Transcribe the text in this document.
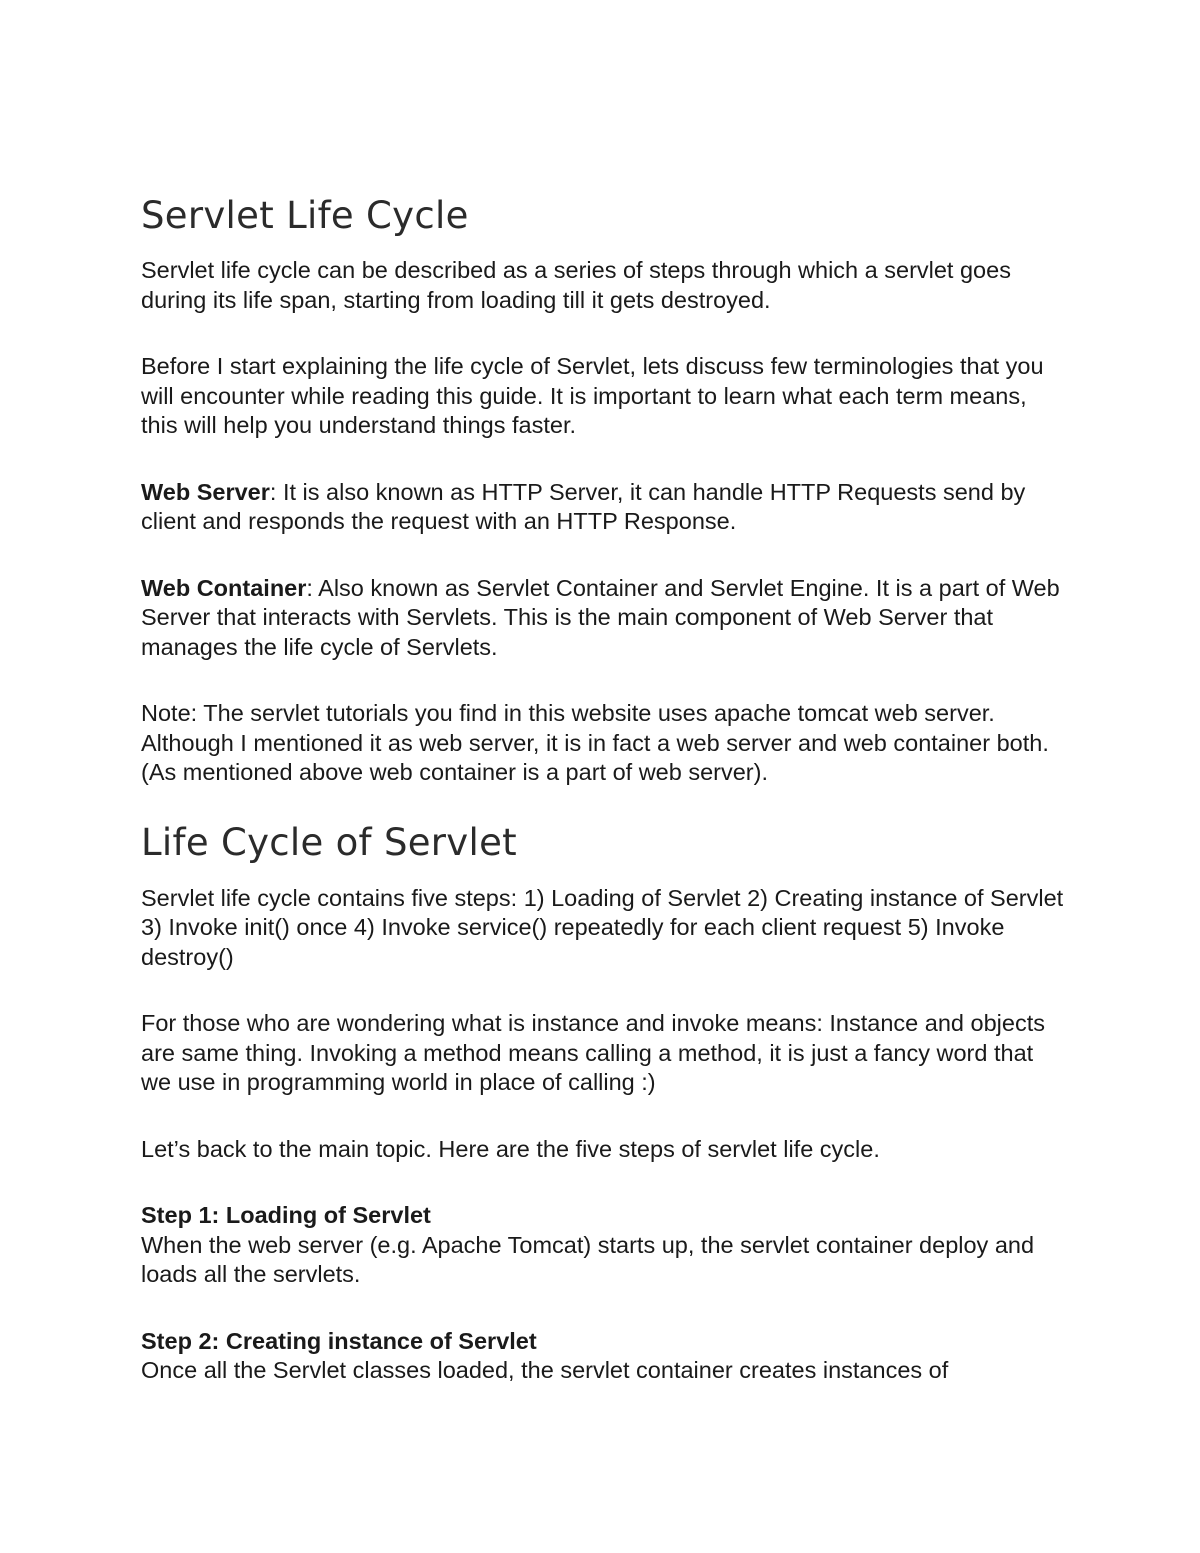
Servlet Life Cycle

Servlet life cycle can be described as a series of steps through which a servlet goes during its life span, starting from loading till it gets destroyed.

Before I start explaining the life cycle of Servlet, lets discuss few terminologies that you will encounter while reading this guide. It is important to learn what each term means, this will help you understand things faster.

Web Server: It is also known as HTTP Server, it can handle HTTP Requests send by client and responds the request with an HTTP Response.

Web Container: Also known as Servlet Container and Servlet Engine. It is a part of Web Server that interacts with Servlets. This is the main component of Web Server that manages the life cycle of Servlets.

Note: The servlet tutorials you find in this website uses apache tomcat web server. Although I mentioned it as web server, it is in fact a web server and web container both. (As mentioned above web container is a part of web server).

Life Cycle of Servlet

Servlet life cycle contains five steps: 1) Loading of Servlet 2) Creating instance of Servlet 3) Invoke init() once 4) Invoke service() repeatedly for each client request 5) Invoke destroy()

For those who are wondering what is instance and invoke means: Instance and objects are same thing. Invoking a method means calling a method, it is just a fancy word that we use in programming world in place of calling :)

Let’s back to the main topic. Here are the five steps of servlet life cycle.

Step 1: Loading of Servlet

When the web server (e.g. Apache Tomcat) starts up, the servlet container deploy and loads all the servlets.

Step 2: Creating instance of Servlet

Once all the Servlet classes loaded, the servlet container creates instances of
